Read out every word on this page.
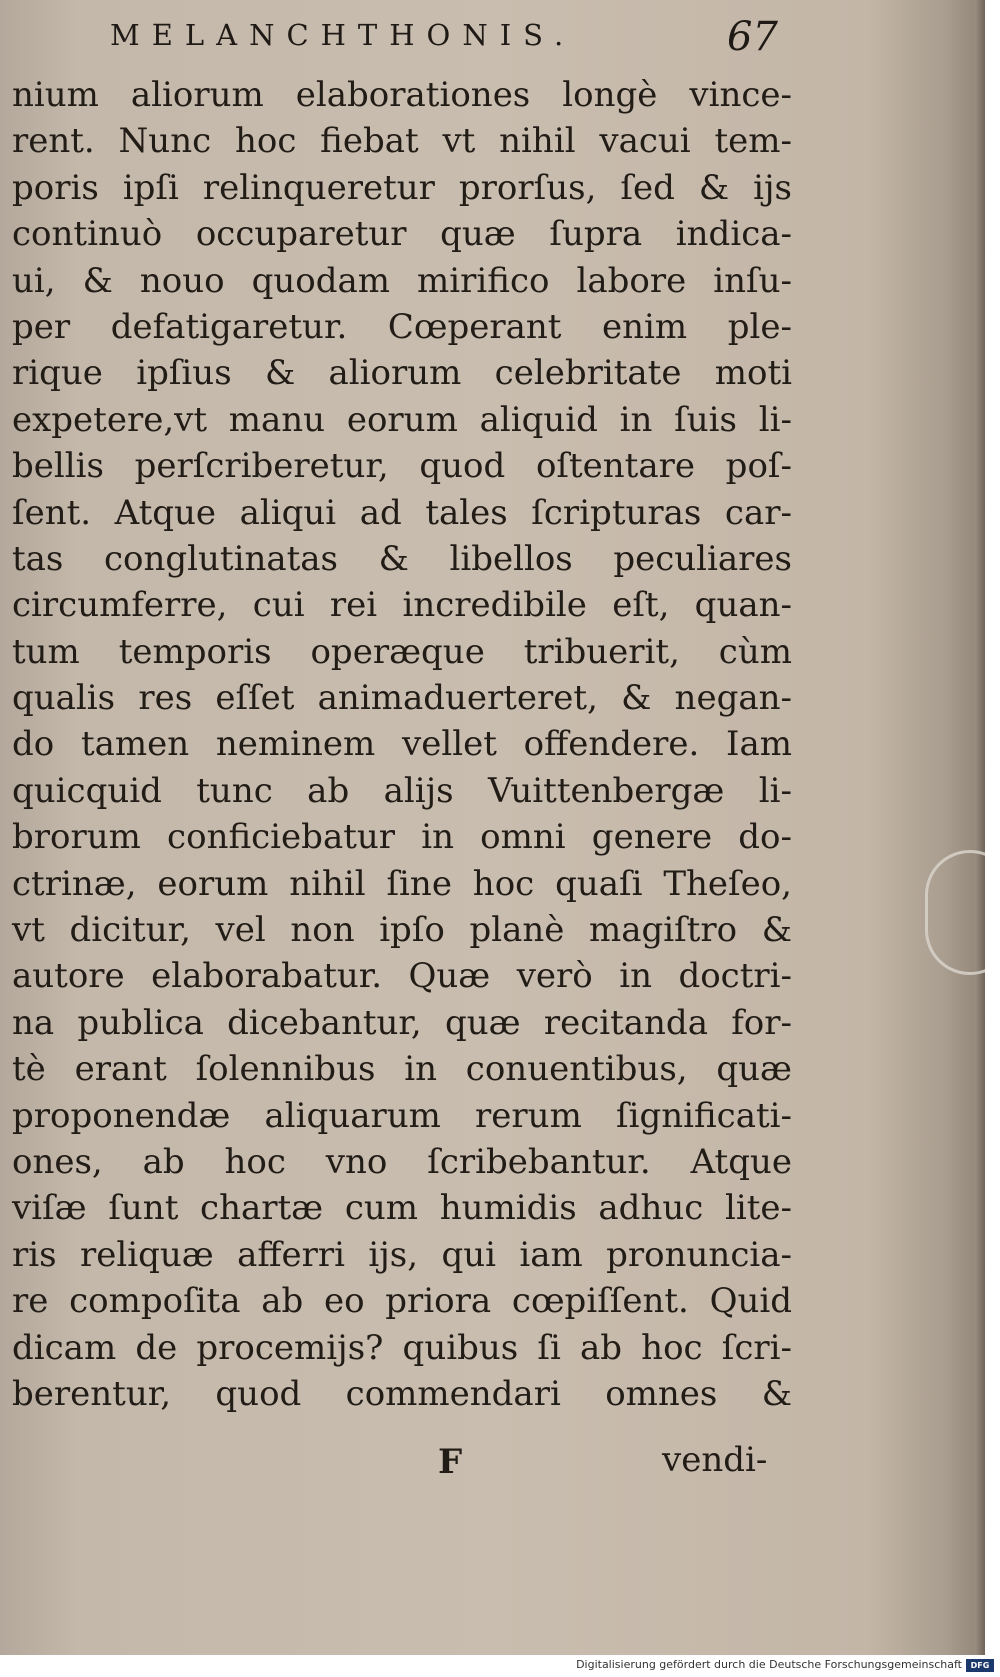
MELANCHTHONIS.	67
nium aliorum elaborationes longè vince-
rent. Nunc hoc fiebat vt nihil vacui tem-
poris ipſi relinqueretur prorſus, ſed & ijs
continuò occuparetur quæ ſupra indica-
ui, & nouo quodam mirifico labore inſu-
per defatigaretur. Cœperant enim ple-
rique ipſius & aliorum celebritate moti
expetere,vt manu eorum aliquid in ſuis li-
bellis perſcriberetur, quod oſtentare poſ-
ſent. Atque aliqui ad tales ſcripturas car-
tas conglutinatas & libellos peculiares
circumferre, cui rei incredibile eſt, quan-
tum temporis operæque tribuerit, cùm
qualis res eſſet animaduerteret, & negan-
do tamen neminem vellet offendere. Iam
quicquid tunc ab alijs Vuittenbergæ li-
brorum conficiebatur in omni genere do-
ctrinæ, eorum nihil ſine hoc quaſi Theſeo,
vt dicitur, vel non ipſo planè magiſtro &
autore elaborabatur. Quæ verò in doctri-
na publica dicebantur, quæ recitanda for-
tè erant ſolennibus in conuentibus, quæ
proponendæ aliquarum rerum ſignificati-
ones, ab hoc vno ſcribebantur. Atque
viſæ ſunt chartæ cum humidis adhuc lite-
ris reliquæ afferri ijs, qui iam pronuncia-
re compoſita ab eo priora cœpiſſent. Quid
dicam de procemijs? quibus ſi ab hoc ſcri-
berentur, quod commendari omnes &
F	vendi-
Digitalisierung gefördert durch die Deutsche Forschungsgemeinschaft	DFG
